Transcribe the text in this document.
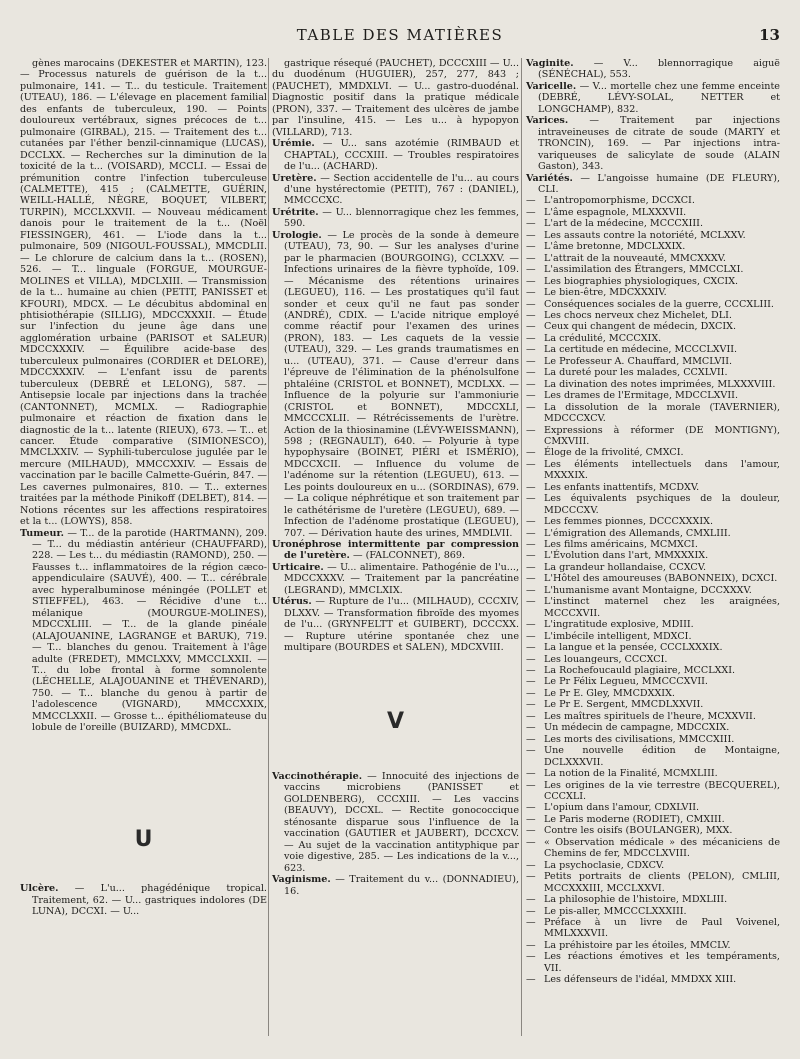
TABLE DES MATIÈRES	13

gènes marocains (DEKESTER et MARTIN), 123. — Processus naturels de guérison de la t... pulmonaire, 141. — T... du testicule. Traitement (UTEAU), 186. — L'élevage en placement familial des enfants de tuberculeux, 190. — Points douloureux vertébraux, signes précoces de t... pulmonaire (GIRBAL), 215. — Traitement des t... cutanées par l'éther benzil-cinnamique (LUCAS), DCCLXX. — Recherches sur la diminution de la toxicité de la t... (VOISARD), MCCLI. — Essai de prémunition contre l'infection tuberculeuse (CALMETTE), 415 ; (CALMETTE, GUÉRIN, WEILL-HALLÉ, NÈGRE, BOQUET, VILBERT, TURPIN), MCCLXXVII. — Nouveau médicament danois pour le traitement de la t... (Noël FIESSINGER), 461. — L'iode dans la t... pulmonaire, 509 (NIGOUL-FOUSSAL), MMCDLII. — Le chlorure de calcium dans la t... (ROSEN), 526. — T... linguale (FORGUE, MOURGUE-MOLINES et VILLA), MDCLXIII. — Transmission de la t... humaine au chien (PETIT, PANISSET et KFOURI), MDCX. — Le décubitus abdominal en phtisiothérapie (SILLIG), MDCCXXXII. — Étude sur l'infection du jeune âge dans une agglomération urbaine (PARISOT et SALEUR) MDCCXXXIV. — Équilibre acide-base des tuberculeux pulmonaires (CORDIER et DELORE), MDCCXXXIV. — L'enfant issu de parents tuberculeux (DEBRÉ et LELONG), 587. — Antisepsie locale par injections dans la trachée (CANTONNET), MCMLX. — Radiographie pulmonaire et réaction de fixation dans le diagnostic de la t... latente (RIEUX), 673. — T... et cancer. Étude comparative (SIMIONESCO), MMCLXXIV. — Syphili-tuberculose jugulée par le mercure (MILHAUD), MMCCXXIV. — Essais de vaccination par le bacille Calmette-Guérin, 847. — Les cavernes pulmonaires, 810. — T... externes traitées par la méthode Pinikoff (DELBET), 814. — Notions récentes sur les affections respiratoires et la t... (LOWYS), 858.

Tumeur. — T... de la parotide (HARTMANN), 209. — T... du médiastin antérieur (CHAUFFARD), 228. — Les t... du médiastin (RAMOND), 250. — Fausses t... inflammatoires de la région cæco-appendiculaire (SAUVÉ), 400. — T... cérébrale avec hyperalbuminose méningée (POLLET et STIEFFEL), 463. — Récidive d'une t... mélanique (MOURGUE-MOLINES), MDCCXLIII. — T... de la glande pinéale (ALAJOUANINE, LAGRANGE et BARUK), 719. — T... blanches du genou. Traitement à l'âge adulte (FREDET), MMCLXXV, MMCCLXXII. — T... du lobe frontal à forme somnolente (LÉCHELLE, ALAJOUANINE et THÉVENARD), 750. — T... blanche du genou à partir de l'adolescence (VIGNARD), MMCCXXIX, MMCCLXXII. — Grosse t... épithéliomateuse du lobule de l'oreille (BUIZARD), MMCDXL.

U

Ulcère. — L'u... phagédénique tropical. Traitement, 62. — U... gastriques indolores (DE LUNA), DCCXI. — U...

gastrique résequé (PAUCHET), DCCCXIII — U... du duodénum (HUGUIER), 257, 277, 843 ; (PAUCHET), MMDXLVI. — U... gastro-duodénal. Diagnostic positif dans la pratique médicale (PRON), 337. — Traitement des ulcères de jambe par l'insuline, 415. — Les u... à hypopyon (VILLARD), 713.

Urémie. — U... sans azotémie (RIMBAUD et CHAPTAL), CCCXIII. — Troubles respiratoires de l'u... (ACHARD).

Uretère. — Section accidentelle de l'u... au cours d'une hystérectomie (PETIT), 767 : (DANIEL), MMCCCXC.

Urétrite. — U... blennorragique chez les femmes, 590.

Urologie. — Le procès de la sonde à demeure (UTEAU), 73, 90. — Sur les analyses d'urine par le pharmacien (BOURGOING), CCLXXV. — Infections urinaires de la fièvre typhoïde, 109. — Mécanisme des rétentions urinaires (LEGUEU), 116. — Les prostatiques qu'il faut sonder et ceux qu'il ne faut pas sonder (ANDRÉ), CDIX. — L'acide nitrique employé comme réactif pour l'examen des urines (PRON), 183. — Les caquets de la vessie (UTEAU), 329. — Les grands traumatismes en u... (UTEAU), 371. — Cause d'erreur dans l'épreuve de l'élimination de la phénolsulfone phtaléine (CRISTOL et BONNET), MCDLXX. — Influence de la polyurie sur l'ammoniurie (CRISTOL et BONNET), MDCCXLI, MMCCCXLII. — Rétrécissements de l'urètre. Action de la thiosinamine (LÉVY-WEISSMANN), 598 ; (REGNAULT), 640. — Polyurie à type hypophysaire (BOINET, PIÉRI et ISMÉRIO), MDCCXCII. — Influence du volume de l'adénome sur la rétention (LEGUEU), 613. — Les points douloureux en u... (SORDINAS), 679. — La colique néphrétique et son traitement par le cathétérisme de l'uretère (LEGUEU), 689. — Infection de l'adénome prostatique (LEGUEU), 707. — Dérivation haute des urines, MMDLVII.

Uronéphrose intermittente par compression de l'uretère. — (FALCONNET), 869.

Urticaire. — U... alimentaire. Pathogénie de l'u..., MDCCXXXV. — Traitement par la pancréatine (LEGRAND), MMCLXIX.

Utérus. — Rupture de l'u... (MILHAUD), CCCXIV, DLXXV. — Transformation fibroïde des myomes de l'u... (GRYNFELTT et GUIBERT), DCCCXX. — Rupture utérine spontanée chez une multipare (BOURDES et SALEN), MDCXVIII.

V

Vaccinothérapie. — Innocuité des injections de vaccins microbiens (PANISSET et GOLDENBERG), CCCXIII. — Les vaccins (BEAUVY), DCCXL. — Rectite gonococcique sténosante disparue sous l'influence de la vaccination (GAUTIER et JAUBERT), DCCXCV. — Au sujet de la vaccination antityphique par voie digestive, 285. — Les indications de la v..., 623.

Vaginisme. — Traitement du v... (DONNADIEU), 16.

Vaginite. — V... blennorragique aiguë (SÉNÉCHAL), 553.

Varicelle. — V... mortelle chez une femme enceinte (DEBRÉ, LÉVY-SOLAL, NETTER et LONGCHAMP), 832.

Varices. — Traitement par injections intraveineuses de citrate de soude (MARTY et TRONCIN), 169. — Par injections intra-variqueuses de salicylate de soude (ALAIN Gaston), 343.

Variétés. — L'angoisse humaine (DE FLEURY), CLI.

— L'antropomorphisme, DCCXCI.

— L'âme espagnole, MLXXXVII.

— L'art de la médecine, MCCCXIII.

— Les assauts contre la notoriété, MCLXXV.

— L'âme bretonne, MDCLXXIX.

— L'attrait de la nouveauté, MMCXXXV.

— L'assimilation des Étrangers, MMCCLXI.

— Les biographies physiologiques, CXCIX.

— Le bien-être, MDCXXXIV.

— Conséquences sociales de la guerre, CCCXLIII.

— Les chocs nerveux chez Michelet, DLI.

— Ceux qui changent de médecin, DXCIX.

— La crédulité, MCCCXIX.

— La certitude en médecine, MCCCLXVII.

— Le Professeur A. Chauffard, MMCLVII.

— La dureté pour les malades, CCXLVII.

— La divination des notes imprimées, MLXXXVIII.

— Les drames de l'Ermitage, MDCCLXVII.

— La dissolution de la morale (TAVERNIER), MDCCCXCV.

— Expressions à réformer (DE MONTIGNY), CMXVIII.

— Éloge de la frivolité, CMXCI.

— Les éléments intellectuels dans l'amour, MXXXIX.

— Les enfants inattentifs, MCDXV.

— Les équivalents psychiques de la douleur, MDCCCXV.

— Les femmes pionnes, DCCCXXXIX.

— L'émigration des Allemands, CMXLIII.

— Les films américains, MCMXCI.

— L'Évolution dans l'art, MMXXXIX.

— La grandeur hollandaise, CCXCV.

— L'Hôtel des amoureuses (BABONNEIX), DCXCI.

— L'humanisme avant Montaigne, DCCXXXV.

— L'instinct maternel chez les araignées, MCCCXVII.

— L'ingratitude explosive, MDIII.

— L'imbécile intelligent, MDXCI.

— La langue et la pensée, CCCLXXXIX.

— Les louangeurs, CCCXCI.

— La Rochefoucauld plagiaire, MCCLXXI.

— Le Pr Félix Legueu, MMCCCXVII.

— Le Pr E. Gley, MMCDXXIX.

— Le Pr E. Sergent, MMCDLXXVII.

— Les maîtres spirituels de l'heure, MCXXVII.

— Un médecin de campagne, MDCCXIX.

— Les morts des civilisations, MMCCXIII.

— Une nouvelle édition de Montaigne, DCLXXXVII.

— La notion de la Finalité, MCMXLIII.

— Les origines de la vie terrestre (BECQUEREL), CCCXLI.

— L'opium dans l'amour, CDXLVII.

— Le Paris moderne (RODIET), CMXIII.

— Contre les oisifs (BOULANGER), MXX.

— « Observation médicale » des mécaniciens de Chemins de fer, MDCCLXVIII.

— La psychoclasie, CDXCV.

— Petits portraits de clients (PELON), CMLIII, MCCXXXIII, MCCLXXVI.

— La philosophie de l'histoire, MDXLIII.

— Le pis-aller, MMCCCLXXXIII.

— Préface à un livre de Paul Voivenel, MMLXXXVII.

— La préhistoire par les étoiles, MMCLV.

— Les réactions émotives et les tempéraments, VII.

— Les défenseurs de l'idéal, MMDXX XIII.
